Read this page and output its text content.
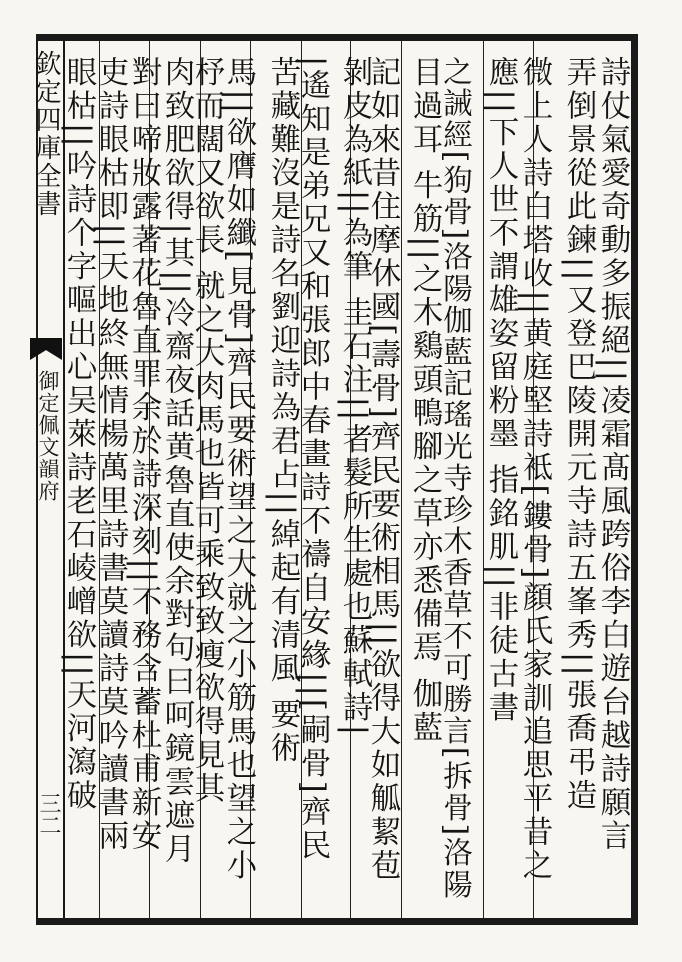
欽定四庫全書
御定佩文韻府
三二	詩仗氣愛奇動多振絕||凌霜髙風跨俗李白遊台越詩願言
弄倒景從此鍊||又登巴陵開元寺詩五峯秀||張喬弔造
微上人詩白塔收||黄庭堅詩袛[鏤骨]顔氏家訓追思平昔之
應||下人世不謂雄姿留粉墨 指銘肌||非徒古書
之誡經[狗骨]洛陽伽藍記瑤光寺珍木香草不可勝言[拆骨]洛陽
目過耳 牛筋||之木鷄頭鴨腳之草亦悉備焉 伽藍
記如來昔住摩休國[壽骨]齊民要術相馬||欲得大如觚絜苞
剝皮為紙||為筆 圭石注||者髮所生處也蘇軾詩|
|遙知是弟兄又和張郎中春畫詩不禱自安緣||[嗣骨]齊民
苦藏難沒是詩名劉迎詩為君占||綽起有清風 要術
馬||欲膺如纖[見骨]齊民要術望之大就之小筋馬也望之小
杼而闊又欲長 就之大肉馬也皆可乘致致瘦欲得見其
肉致肥欲得|其||冷齋夜話黄魯直使余對句曰呵鏡雲遮月
對曰啼妝露著花魯直罪余於詩深刻||不務含蓄杜甫新安
吏詩眼枯即||天地終無情楊萬里詩書莫讀詩莫吟讀書兩
眼枯||吟詩个字嘔出心吴萊詩老石崚嶒欲||天河瀉破
